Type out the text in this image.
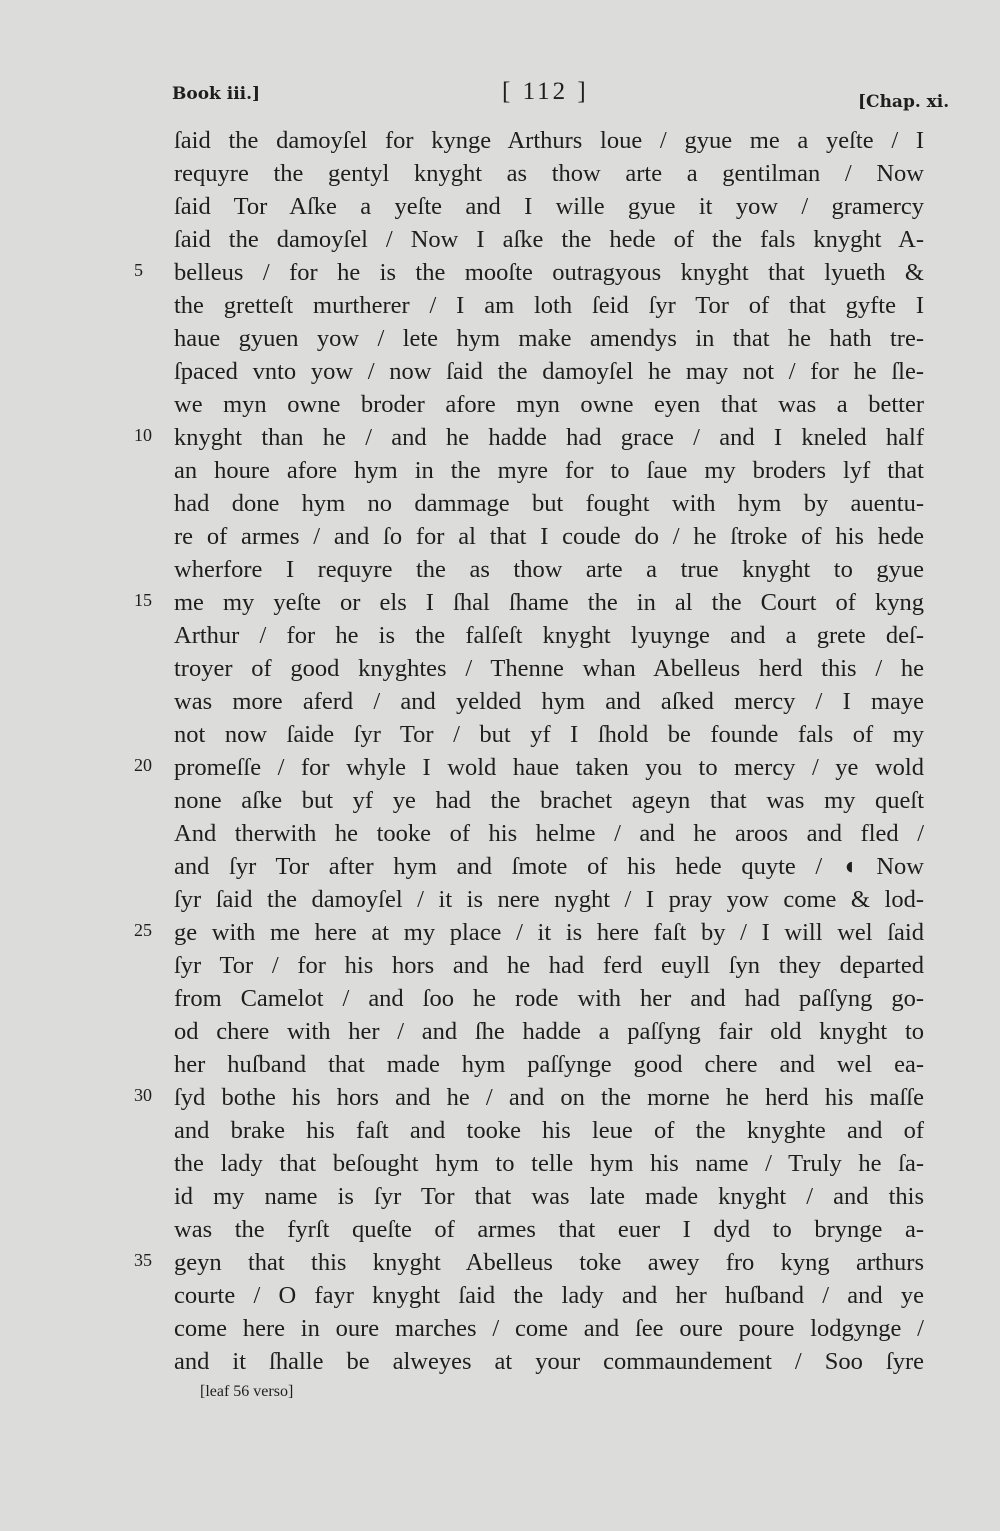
Book iii.]	[ 112 ]	[Chap. xi.
ſaid the damoyſel for kynge Arthurs loue / gyue me a yeſte / I
requyre the gentyl knyght as thow arte a gentilman / Now
ſaid Tor Aſke a yeſte and I wille gyue it yow / gramercy
ſaid the damoyſel / Now I aſke the hede of the fals knyght A-
5 belleus / for he is the mooſte outragyous knyght that lyueth &
the gretteſt murtherer / I am loth ſeid ſyr Tor of that gyfte I
haue gyuen yow / lete hym make amendys in that he hath tre-
ſpaced vnto yow / now ſaid the damoyſel he may not / for he ſle-
we myn owne broder afore myn owne eyen that was a better
10 knyght than he / and he hadde had grace / and I kneled half
an houre afore hym in the myre for to ſaue my broders lyf that
had done hym no dammage but fought with hym by auentu-
re of armes / and ſo for al that I coude do / he ſtroke of his hede
wherfore I requyre the as thow arte a true knyght to gyue
15 me my yeſte or els I ſhal ſhame the in al the Court of kyng
Arthur / for he is the falſeſt knyght lyuynge and a grete deſ-
troyer of good knyghtes / Thenne whan Abelleus herd this / he
was more aferd / and yelded hym and aſked mercy / I maye
not now ſaide ſyr Tor / but yf I ſhold be founde fals of my
20 promeſſe / for whyle I wold haue taken you to mercy / ye wold
none aſke but yf ye had the brachet ageyn that was my queſt
And therwith he tooke of his helme / and he aroos and fled /
and ſyr Tor after hym and ſmote of his hede quyte / ◖ Now
ſyr ſaid the damoyſel / it is nere nyght / I pray yow come & lod-
25 ge with me here at my place / it is here faſt by / I will wel ſaid
ſyr Tor / for his hors and he had ferd euyll ſyn they departed
from Camelot / and ſoo he rode with her and had paſſyng go-
od chere with her / and ſhe hadde a paſſyng fair old knyght to
her huſband that made hym paſſynge good chere and wel ea-
30 ſyd bothe his hors and he / and on the morne he herd his maſſe
and brake his faſt and tooke his leue of the knyghte and of
the lady that beſought hym to telle hym his name / Truly he ſa-
id my name is ſyr Tor that was late made knyght / and this
was the fyrſt queſte of armes that euer I dyd to brynge a-
35 geyn that this knyght Abelleus toke awey fro kyng arthurs
courte / O fayr knyght ſaid the lady and her huſband / and ye
come here in oure marches / come and ſee oure poure lodgynge /
and it ſhalle be alweyes at your commaundement / Soo ſyre
[leaf 56 verso]
